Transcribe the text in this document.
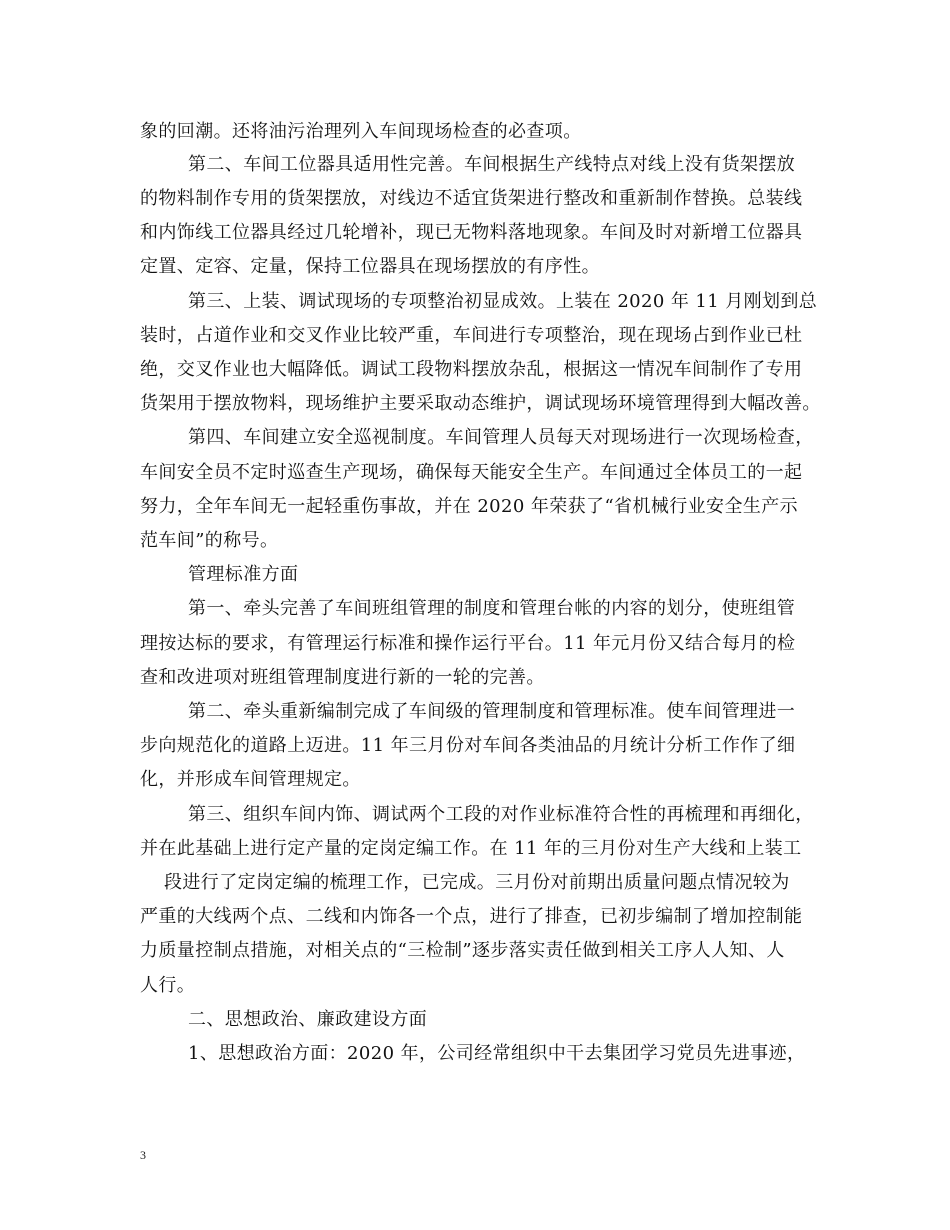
象的回潮。还将油污治理列入车间现场检查的必查项。
第二、车间工位器具适用性完善。车间根据生产线特点对线上没有货架摆放
的物料制作专用的货架摆放，对线边不适宜货架进行整改和重新制作替换。总装线
和内饰线工位器具经过几轮增补，现已无物料落地现象。车间及时对新增工位器具
定置、定容、定量，保持工位器具在现场摆放的有序性。
第三、上装、调试现场的专项整治初显成效。上装在 2020 年 11 月刚划到总
装时，占道作业和交叉作业比较严重，车间进行专项整治，现在现场占到作业已杜
绝，交叉作业也大幅降低。调试工段物料摆放杂乱，根据这一情况车间制作了专用
货架用于摆放物料，现场维护主要采取动态维护，调试现场环境管理得到大幅改善。
第四、车间建立安全巡视制度。车间管理人员每天对现场进行一次现场检查，
车间安全员不定时巡查生产现场，确保每天能安全生产。车间通过全体员工的一起
努力，全年车间无一起轻重伤事故，并在 2020 年荣获了“省机械行业安全生产示
范车间”的称号。
管理标准方面
第一、牵头完善了车间班组管理的制度和管理台帐的内容的划分，使班组管
理按达标的要求，有管理运行标准和操作运行平台。11 年元月份又结合每月的检
查和改进项对班组管理制度进行新的一轮的完善。
第二、牵头重新编制完成了车间级的管理制度和管理标准。使车间管理进一
步向规范化的道路上迈进。11 年三月份对车间各类油品的月统计分析工作作了细
化，并形成车间管理规定。
第三、组织车间内饰、调试两个工段的对作业标准符合性的再梳理和再细化，
并在此基础上进行定产量的定岗定编工作。在 11 年的三月份对生产大线和上装工
段进行了定岗定编的梳理工作，已完成。三月份对前期出质量问题点情况较为
严重的大线两个点、二线和内饰各一个点，进行了排查，已初步编制了增加控制能
力质量控制点措施，对相关点的“三检制”逐步落实责任做到相关工序人人知、人
人行。
二、思想政治、廉政建设方面
1、思想政治方面：2020 年，公司经常组织中干去集团学习党员先进事迹，
3
